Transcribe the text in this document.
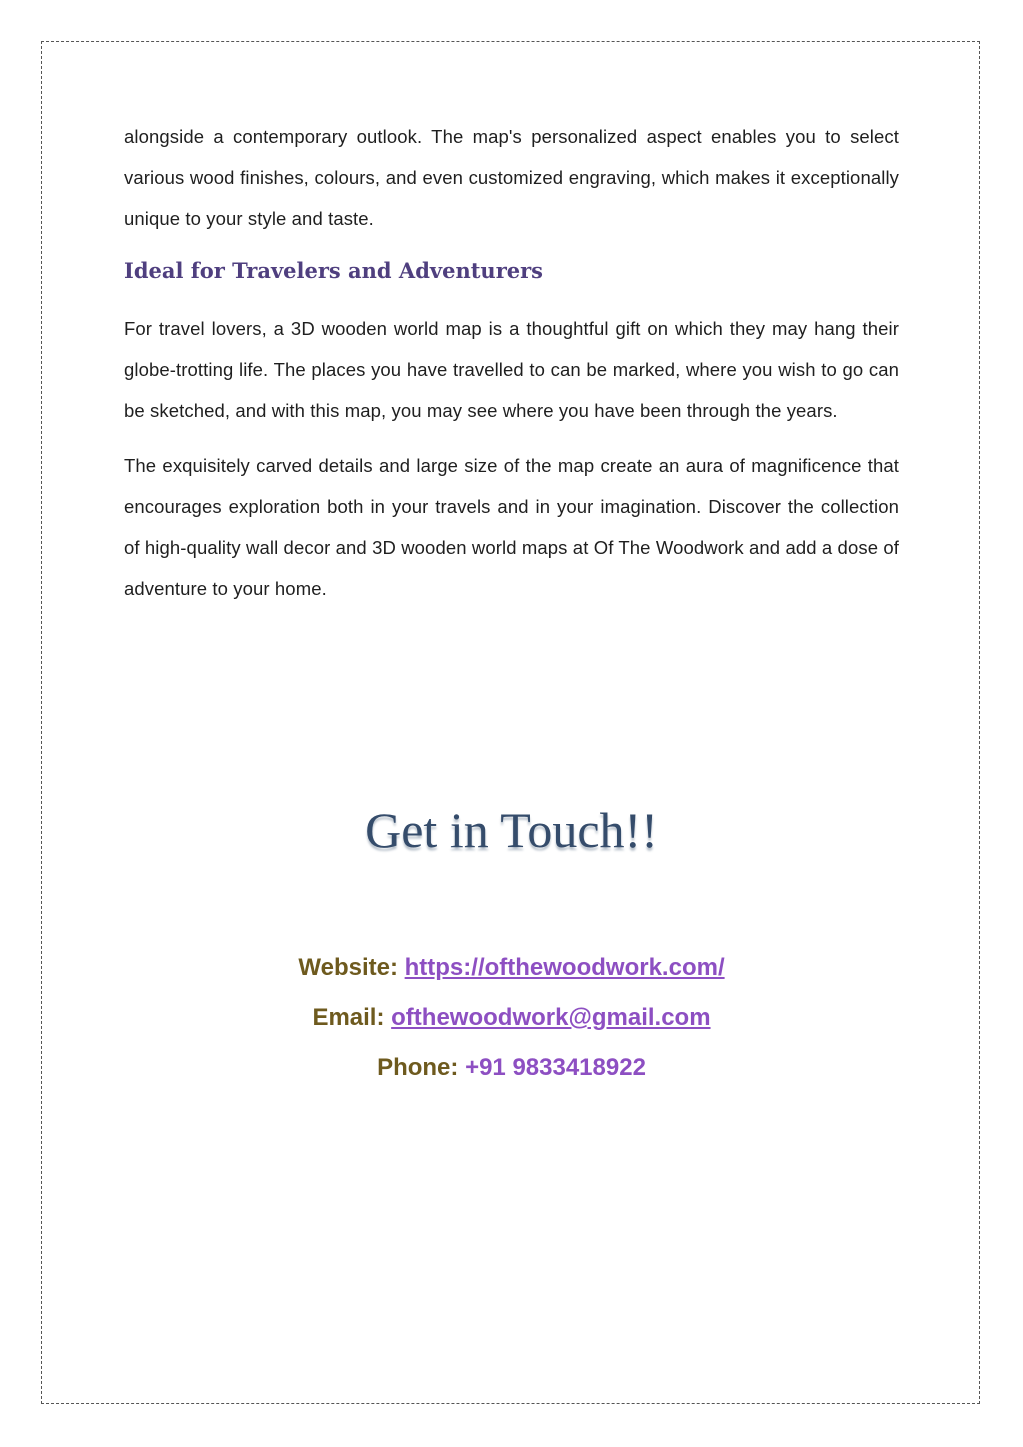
alongside a contemporary outlook. The map's personalized aspect enables you to select various wood finishes, colours, and even customized engraving, which makes it exceptionally unique to your style and taste.

Ideal for Travelers and Adventurers

For travel lovers, a 3D wooden world map is a thoughtful gift on which they may hang their globe-trotting life. The places you have travelled to can be marked, where you wish to go can be sketched, and with this map, you may see where you have been through the years.

The exquisitely carved details and large size of the map create an aura of magnificence that encourages exploration both in your travels and in your imagination. Discover the collection of high-quality wall decor and 3D wooden world maps at Of The Woodwork and add a dose of adventure to your home.

Get in Touch!!
Website: https://ofthewoodwork.com/
Email: ofthewoodwork@gmail.com
Phone: +91 9833418922
